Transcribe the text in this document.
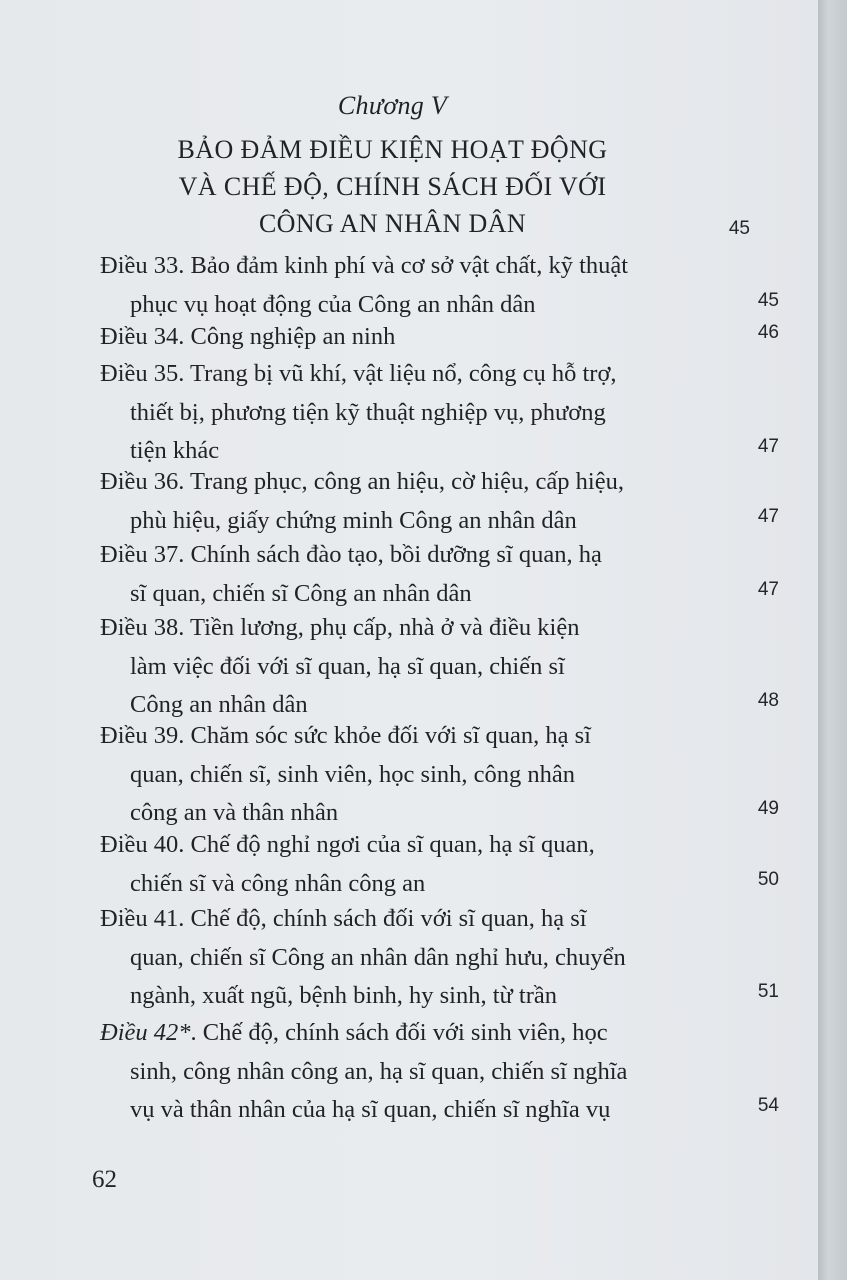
Chương V
BẢO ĐẢM ĐIỀU KIỆN HOẠT ĐỘNG
VÀ CHẾ ĐỘ, CHÍNH SÁCH ĐỐI VỚI
CÔNG AN NHÂN DÂN	45
Điều 33. Bảo đảm kinh phí và cơ sở vật chất, kỹ thuật
phục vụ hoạt động của Công an nhân dân	45
Điều 34. Công nghiệp an ninh	46
Điều 35. Trang bị vũ khí, vật liệu nổ, công cụ hỗ trợ,
thiết bị, phương tiện kỹ thuật nghiệp vụ, phương
tiện khác	47
Điều 36. Trang phục, công an hiệu, cờ hiệu, cấp hiệu,
phù hiệu, giấy chứng minh Công an nhân dân	47
Điều 37. Chính sách đào tạo, bồi dưỡng sĩ quan, hạ
sĩ quan, chiến sĩ Công an nhân dân	47
Điều 38. Tiền lương, phụ cấp, nhà ở và điều kiện
làm việc đối với sĩ quan, hạ sĩ quan, chiến sĩ
Công an nhân dân	48
Điều 39. Chăm sóc sức khỏe đối với sĩ quan, hạ sĩ
quan, chiến sĩ, sinh viên, học sinh, công nhân
công an và thân nhân	49
Điều 40. Chế độ nghỉ ngơi của sĩ quan, hạ sĩ quan,
chiến sĩ và công nhân công an	50
Điều 41. Chế độ, chính sách đối với sĩ quan, hạ sĩ
quan, chiến sĩ Công an nhân dân nghỉ hưu, chuyển
ngành, xuất ngũ, bệnh binh, hy sinh, từ trần	51
Điều 42*. Chế độ, chính sách đối với sinh viên, học
sinh, công nhân công an, hạ sĩ quan, chiến sĩ nghĩa
vụ và thân nhân của hạ sĩ quan, chiến sĩ nghĩa vụ	54
62
